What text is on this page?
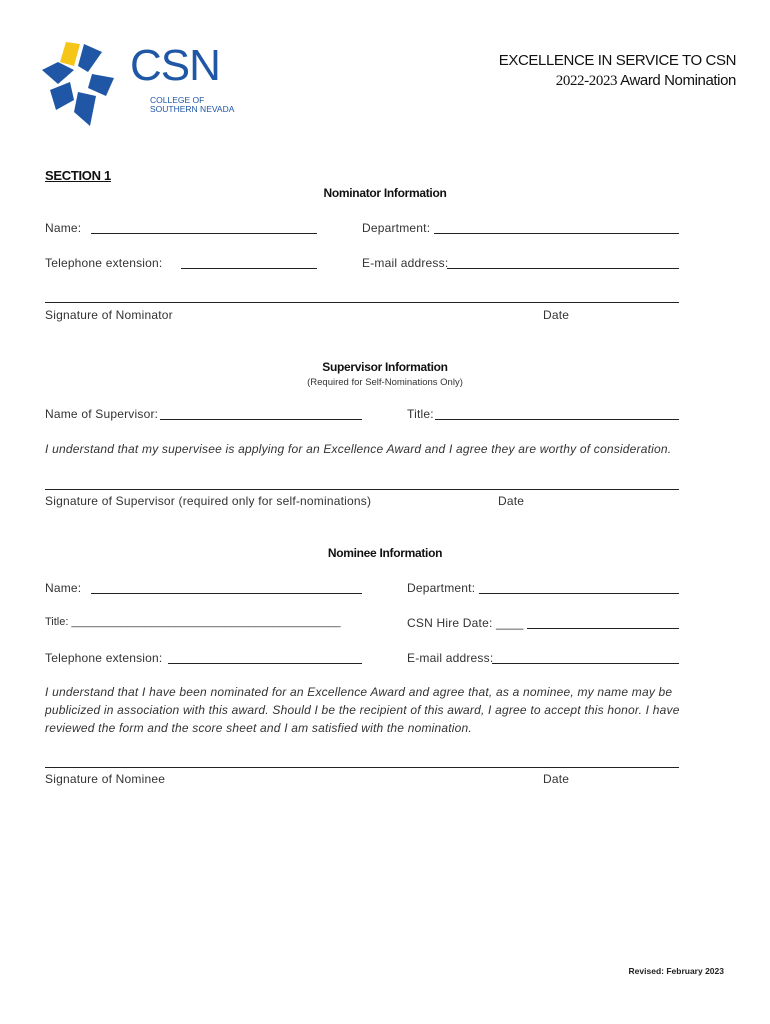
CSN
COLLEGE OF
SOUTHERN NEVADA
EXCELLENCE IN SERVICE TO CSN
2022-2023 Award Nomination
SECTION 1
Nominator Information
Name:	Department:
Telephone extension:	E-mail address:
Signature of Nominator	Date
Supervisor Information
(Required for Self-Nominations Only)
Name of Supervisor:	Title:
I understand that my supervisee is applying for an Excellence Award and I agree they are worthy of consideration.
Signature of Supervisor (required only for self-nominations)	Date
Nominee Information
Name:	Department:
Title: ____________________________________________	CSN Hire Date: ____
Telephone extension:	E-mail address:
I understand that I have been nominated for an Excellence Award and agree that, as a nominee, my name may be
publicized in association with this award. Should I be the recipient of this award, I agree to accept this honor. I have
reviewed the form and the score sheet and I am satisfied with the nomination.
Signature of Nominee	Date
Revised: February 2023
